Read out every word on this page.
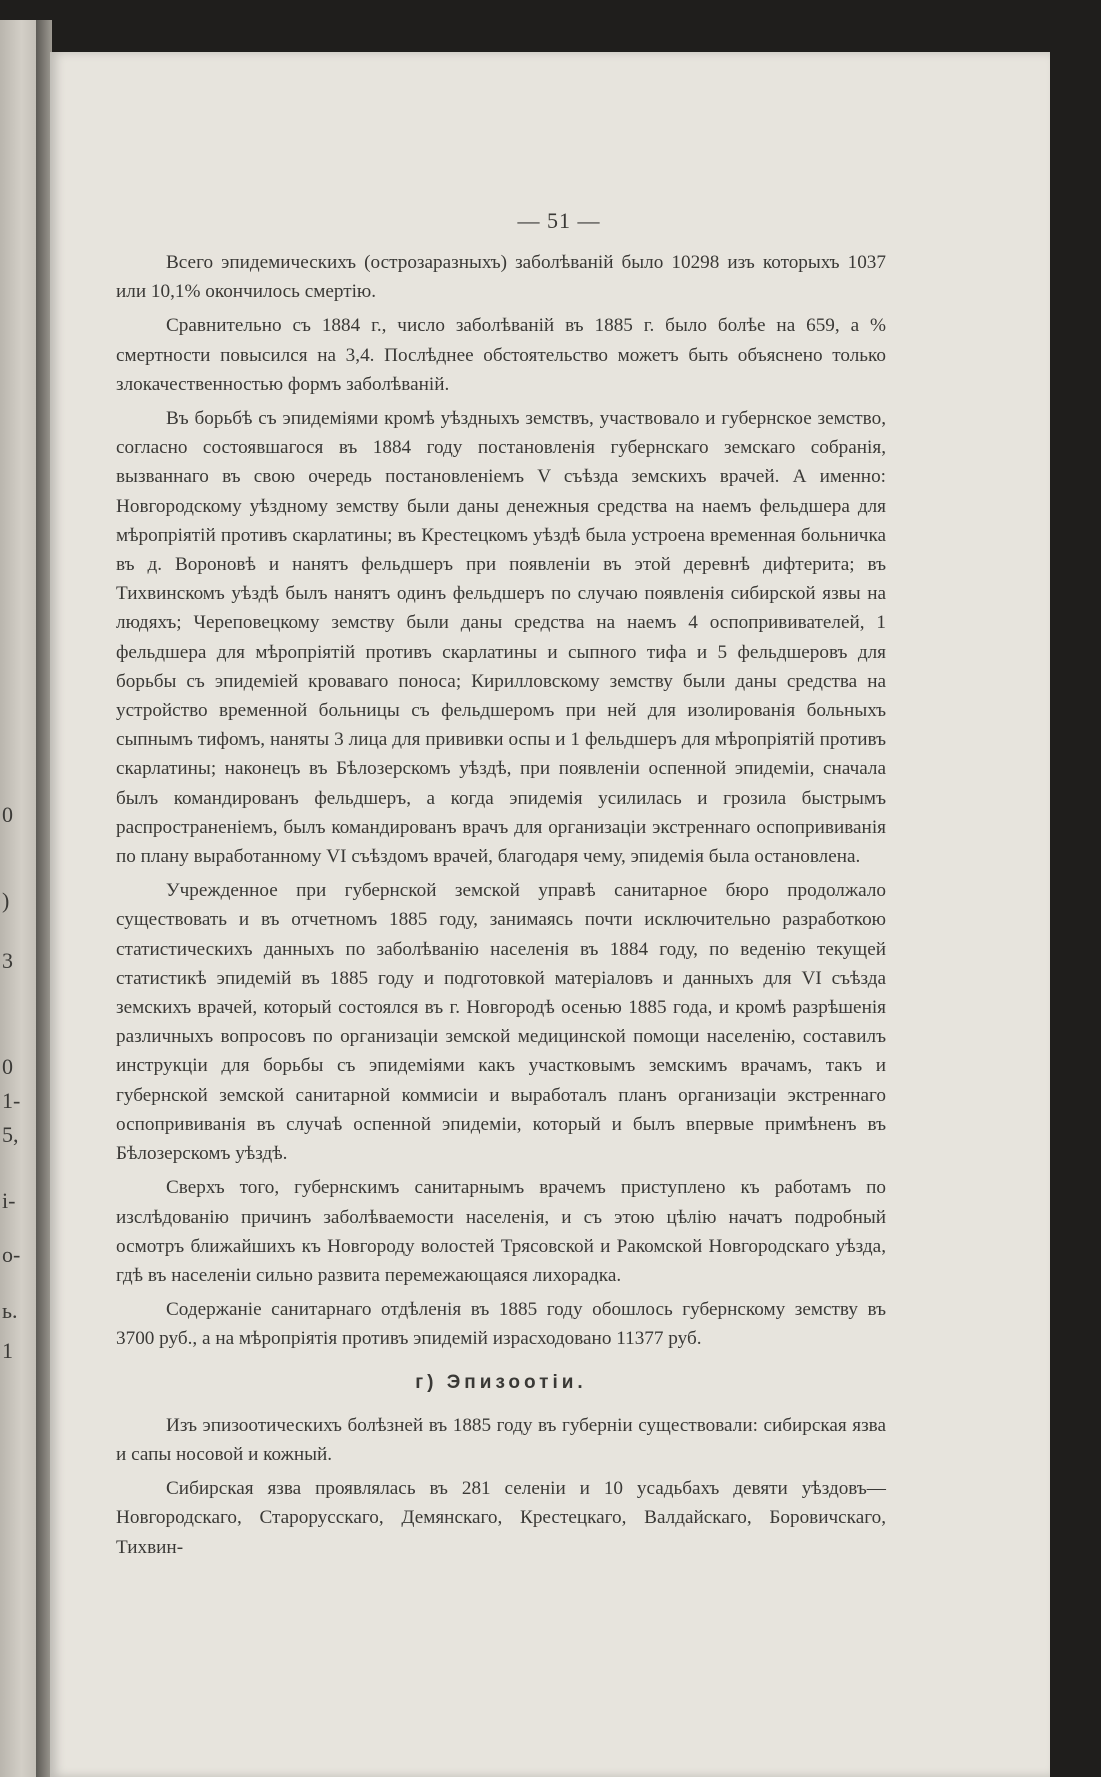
0
)
3
0
1-
5,
i-
о-
ь.
1
— 51 —

Всего эпидемическихъ (острозаразныхъ) заболѣваній было 10298 изъ которыхъ 1037 или 10,1% окончилось смертію.

Сравнительно съ 1884 г., число заболѣваній въ 1885 г. было болѣе на 659, а % смертности повысился на 3,4. Послѣднее обстоятельство можетъ быть объяснено только злокачественностью формъ заболѣваній.

Въ борьбѣ съ эпидеміями кромѣ уѣздныхъ земствъ, участвовало и губернское земство, согласно состоявшагося въ 1884 году постановленія губернскаго земскаго собранія, вызваннаго въ свою очередь постановленіемъ V съѣзда земскихъ врачей. А именно: Новгородскому уѣздному земству были даны денежныя средства на наемъ фельдшера для мѣропріятій противъ скарлатины; въ Крестецкомъ уѣздѣ была устроена временная больничка въ д. Вороновѣ и нанятъ фельдшеръ при появленіи въ этой деревнѣ дифтерита; въ Тихвинскомъ уѣздѣ былъ нанятъ одинъ фельдшеръ по случаю появленія сибирской язвы на людяхъ; Череповецкому земству были даны средства на наемъ 4 оспопрививателей, 1 фельдшера для мѣропріятій противъ скарлатины и сыпного тифа и 5 фельдшеровъ для борьбы съ эпидеміей кроваваго поноса; Кирилловскому земству были даны средства на устройство временной больницы съ фельдшеромъ при ней для изолированія больныхъ сыпнымъ тифомъ, наняты 3 лица для прививки оспы и 1 фельдшеръ для мѣропріятій противъ скарлатины; наконецъ въ Бѣлозерскомъ уѣздѣ, при появленіи оспенной эпидеміи, сначала былъ командированъ фельдшеръ, а когда эпидемія усилилась и грозила быстрымъ распространеніемъ, былъ командированъ врачъ для организаціи экстреннаго оспопрививанія по плану выработанному VI съѣздомъ врачей, благодаря чему, эпидемія была остановлена.

Учрежденное при губернской земской управѣ санитарное бюро продолжало существовать и въ отчетномъ 1885 году, занимаясь почти исключительно разработкою статистическихъ данныхъ по заболѣванію населенія въ 1884 году, по веденію текущей статистикѣ эпидемій въ 1885 году и подготовкой матеріаловъ и данныхъ для VI съѣзда земскихъ врачей, который состоялся въ г. Новгородѣ осенью 1885 года, и кромѣ разрѣшенія различныхъ вопросовъ по организаціи земской медицинской помощи населенію, составилъ инструкціи для борьбы съ эпидеміями какъ участковымъ земскимъ врачамъ, такъ и губернской земской санитарной коммисіи и выработалъ планъ организаціи экстреннаго оспопрививанія въ случаѣ оспенной эпидеміи, который и былъ впервые примѣненъ въ Бѣлозерскомъ уѣздѣ.

Сверхъ того, губернскимъ санитарнымъ врачемъ приступлено къ работамъ по изслѣдованію причинъ заболѣваемости населенія, и съ этою цѣлію начатъ подробный осмотръ ближайшихъ къ Новгороду волостей Трясовской и Ракомской Новгородскаго уѣзда, гдѣ въ населеніи сильно развита перемежающаяся лихорадка.

Содержаніе санитарнаго отдѣленія въ 1885 году обошлось губернскому земству въ 3700 руб., а на мѣропріятія противъ эпидемій израсходовано 11377 руб.

г) Эпизоотіи.

Изъ эпизоотическихъ болѣзней въ 1885 году въ губерніи существовали: сибирская язва и сапы носовой и кожный.

Сибирская язва проявлялась въ 281 селеніи и 10 усадьбахъ девяти уѣздовъ—Новгородскаго, Старорусскаго, Демянскаго, Крестецкаго, Валдайскаго, Боровичскаго, Тихвин-
